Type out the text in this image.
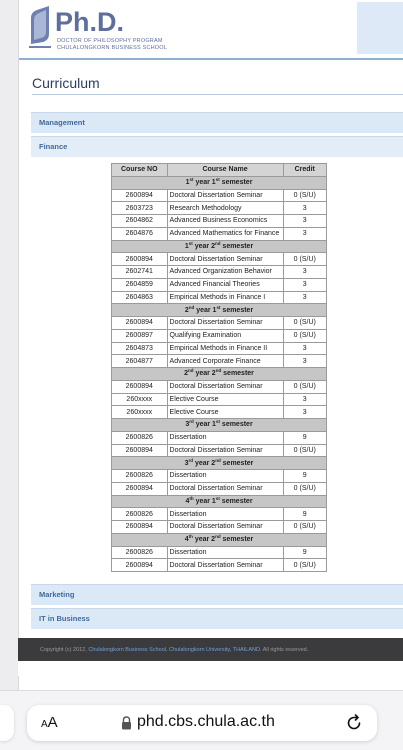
Ph.D.
DOCTOR OF PHILOSOPHY PROGRAM
CHULALONGKORN BUSINESS SCHOOL
Curriculum
Management
Finance
Marketing
IT in Business
Course NO	Course Name	Credit
1st year 1st semester		
2600894	Doctoral Dissertation Seminar	0 (S/U)
2603723	Research Methodology	3
2604862	Advanced Business Economics	3
2604876	Advanced Mathematics for Finance	3
1st year 2nd semester		
2600894	Doctoral Dissertation Seminar	0 (S/U)
2602741	Advanced Organization Behavior	3
2604859	Advanced Financial Theories	3
2604863	Empirical Methods in Finance I	3
2nd year 1st semester		
2600894	Doctoral Dissertation Seminar	0 (S/U)
2600897	Qualifying Examination	0 (S/U)
2604873	Empirical Methods in Finance II	3
2604877	Advanced Corporate Finance	3
2nd year 2nd semester		
2600894	Doctoral Dissertation Seminar	0 (S/U)
260xxxx	Elective Course	3
260xxxx	Elective Course	3
3rd year 1st semester		
2600826	Dissertation	9
2600894	Doctoral Dissertation Seminar	0 (S/U)
3rd year 2nd semester		
2600826	Dissertation	9
2600894	Doctoral Dissertation Seminar	0 (S/U)
4th year 1st semester		
2600826	Dissertation	9
2600894	Doctoral Dissertation Seminar	0 (S/U)
4th year 2nd semester		
2600826	Dissertation	9
2600894	Doctoral Dissertation Seminar	0 (S/U)
Copyright (c) 2012, Chulalongkorn Business School, Chulalongkorn University, THAILAND. All rights reserved.
AA	phd.cbs.chula.ac.th
